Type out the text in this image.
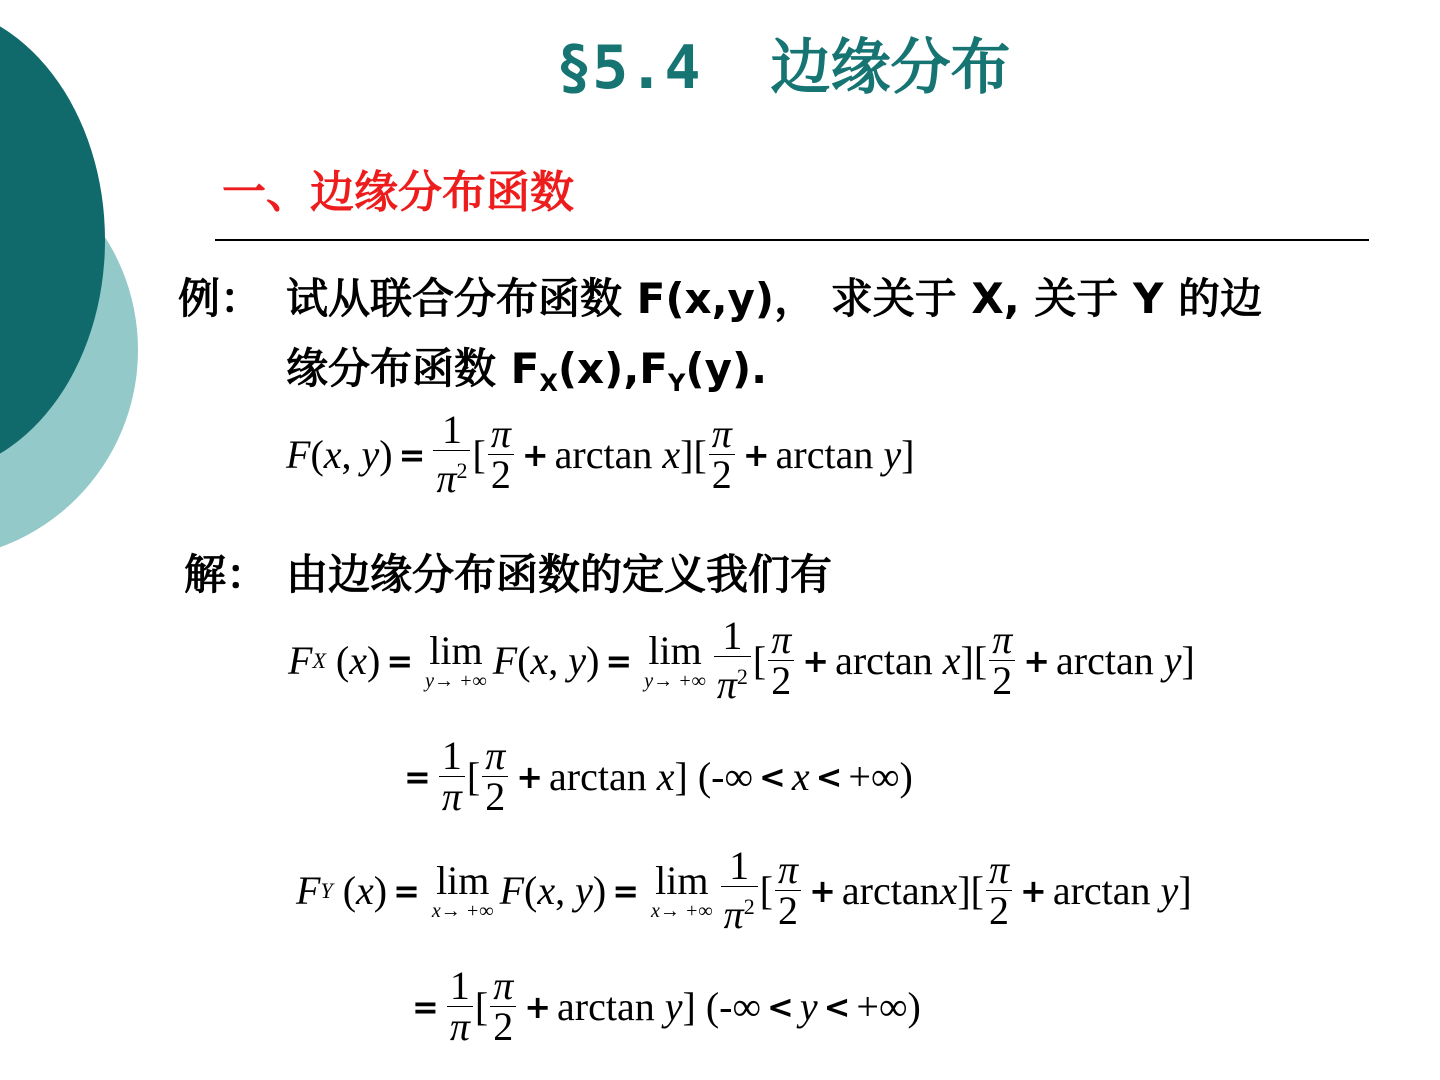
§5.4 边缘分布
一、边缘分布函数
例： 试从联合分布函数 F(x,y)， 求关于 X, 关于 Y 的边
缘分布函数 $F_X(x),F_Y(y)$.
F ( x , y ) = $\frac{1}{\pi^2}$ [ $\frac{\pi}{2} + \arctan$
x ][ $\frac{\pi}{2} + \arctan$
y ]
解： 由边缘分布函数的定义我们有
F X
( x ) = lim
y→ +∞ F ( x , y ) = lim
y→ +∞ $\frac{1}{\pi^2}$ [ $\frac{\pi}{2} + \arctan$
x ][ $\frac{\pi}{2} + \arctan$
y ]
= $\frac{1}{\pi}$ [ $\frac{\pi}{2} + \arctan$
x ]
( -∞ < x < +∞ )
F Y
( x ) = lim
x→ +∞ F ( x , y ) = lim
x→ +∞ $\frac{1}{\pi^2}$ [ $\frac{\pi}{2} + \arctan x$ ][ $\frac{\pi}{2} + \arctan$
y ]
= $\frac{1}{\pi}$ [ $\frac{\pi}{2} + \arctan$
y ]
( -∞ < y < +∞ )
